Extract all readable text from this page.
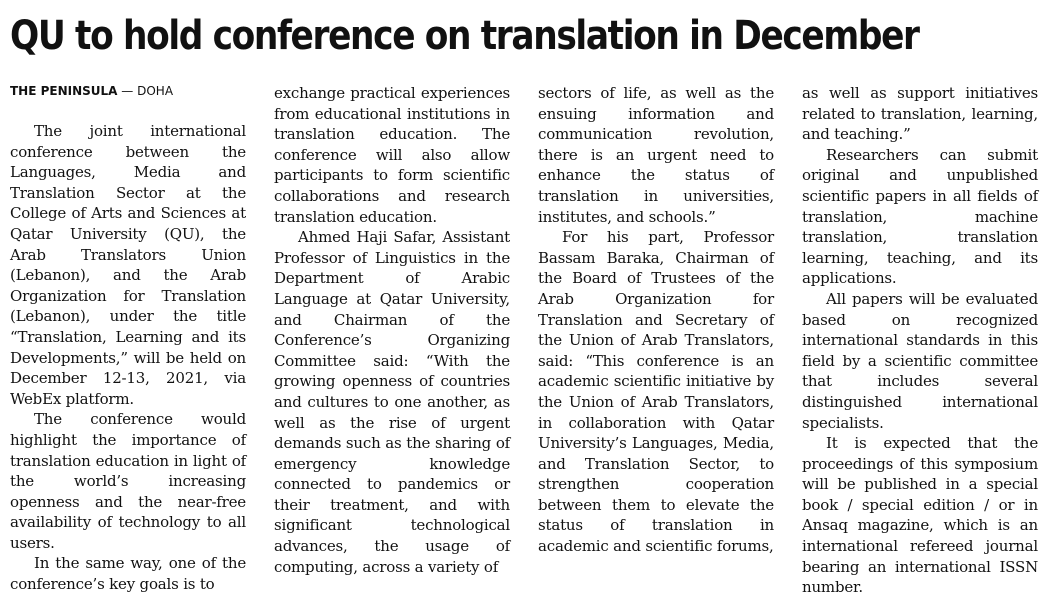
QU to hold conference on translation in December
THE PENINSULA — DOHA

The joint international conference between the Languages, Media and Translation Sector at the College of Arts and Sciences at Qatar University (QU), the Arab Translators Union (Lebanon), and the Arab Organization for Translation (Lebanon), under the title “Translation, Learning and its Developments,” will be held on December 12-13, 2021, via WebEx platform.

The conference would highlight the importance of translation education in light of the world’s increasing openness and the near-free availability of technology to all users.

In the same way, one of the conference’s key goals is to

exchange practical experiences from educational institutions in translation education. The conference will also allow participants to form scientific collaborations and research translation education.

Ahmed Haji Safar, Assistant Professor of Linguistics in the Department of Arabic Language at Qatar University, and Chairman of the Conference’s Organizing Committee said: “With the growing openness of countries and cultures to one another, as well as the rise of urgent demands such as the sharing of emergency knowledge connected to pandemics or their treatment, and with significant technological advances, the usage of computing, across a variety of

sectors of life, as well as the ensuing information and communication revolution, there is an urgent need to enhance the status of translation in universities, institutes, and schools.”

For his part, Professor Bassam Baraka, Chairman of the Board of Trustees of the Arab Organization for Translation and Secretary of the Union of Arab Translators, said: “This conference is an academic scientific initiative by the Union of Arab Translators, in collaboration with Qatar University’s Languages, Media, and Translation Sector, to strengthen cooperation between them to elevate the status of translation in academic and scientific forums,

as well as support initiatives related to translation, learning, and teaching.”

Researchers can submit original and unpublished scientific papers in all fields of translation, machine translation, translation learning, teaching, and its applications.

All papers will be evaluated based on recognized international standards in this field by a scientific committee that includes several distinguished international specialists.

It is expected that the proceedings of this symposium will be published in a special book / special edition / or in Ansaq magazine, which is an international refereed journal bearing an international ISSN number.
